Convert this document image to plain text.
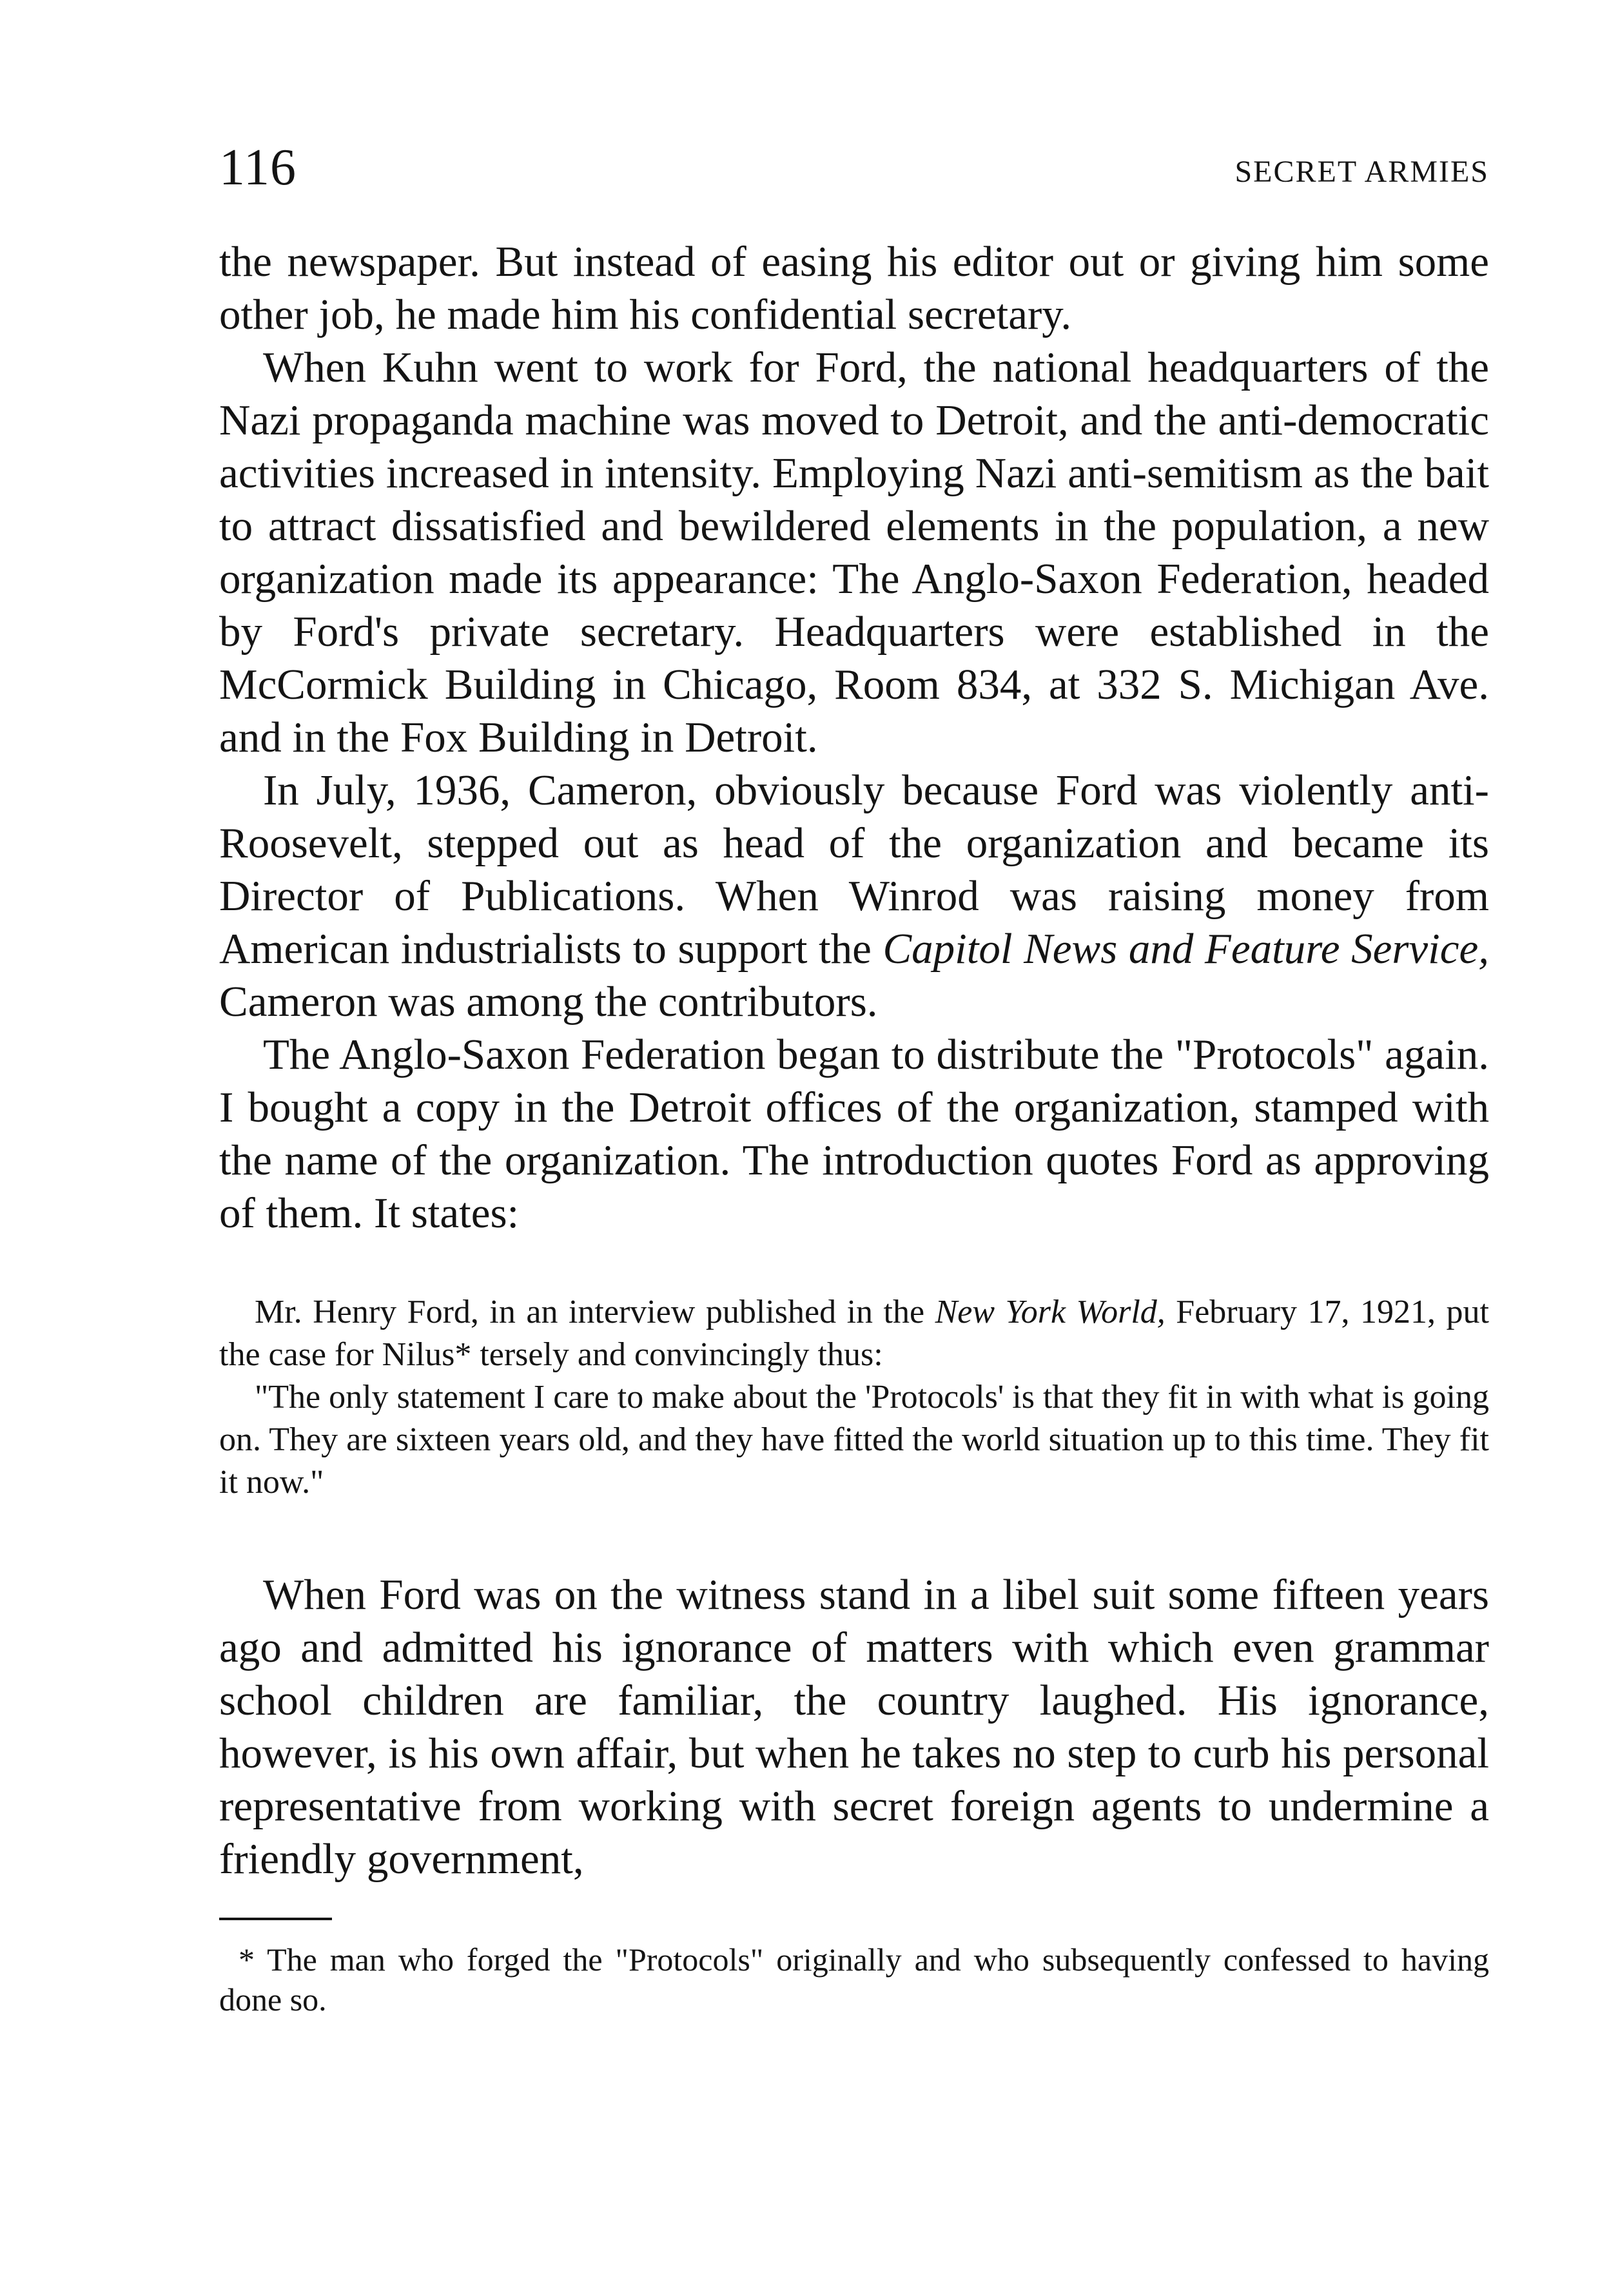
116	SECRET ARMIES

the newspaper. But instead of easing his editor out or giving him some other job, he made him his confidential secretary.

When Kuhn went to work for Ford, the national headquarters of the Nazi propaganda machine was moved to Detroit, and the anti-democratic activities increased in intensity. Employing Nazi anti-semitism as the bait to attract dissatisfied and bewildered elements in the population, a new organization made its appearance: The Anglo-Saxon Federation, headed by Ford's private secretary. Headquarters were established in the McCormick Building in Chicago, Room 834, at 332 S. Michigan Ave. and in the Fox Building in Detroit.

In July, 1936, Cameron, obviously because Ford was violently anti-Roosevelt, stepped out as head of the organization and became its Director of Publications. When Winrod was raising money from American industrialists to support the Capitol News and Feature Service, Cameron was among the contributors.

The Anglo-Saxon Federation began to distribute the "Protocols" again. I bought a copy in the Detroit offices of the organization, stamped with the name of the organization. The introduction quotes Ford as approving of them. It states:

Mr. Henry Ford, in an interview published in the New York World, February 17, 1921, put the case for Nilus* tersely and convincingly thus:

"The only statement I care to make about the 'Protocols' is that they fit in with what is going on. They are sixteen years old, and they have fitted the world situation up to this time. They fit it now."

When Ford was on the witness stand in a libel suit some fifteen years ago and admitted his ignorance of matters with which even grammar school children are familiar, the country laughed. His ignorance, however, is his own affair, but when he takes no step to curb his personal representative from working with secret foreign agents to undermine a friendly government,

* The man who forged the "Protocols" originally and who subsequently confessed to having done so.
